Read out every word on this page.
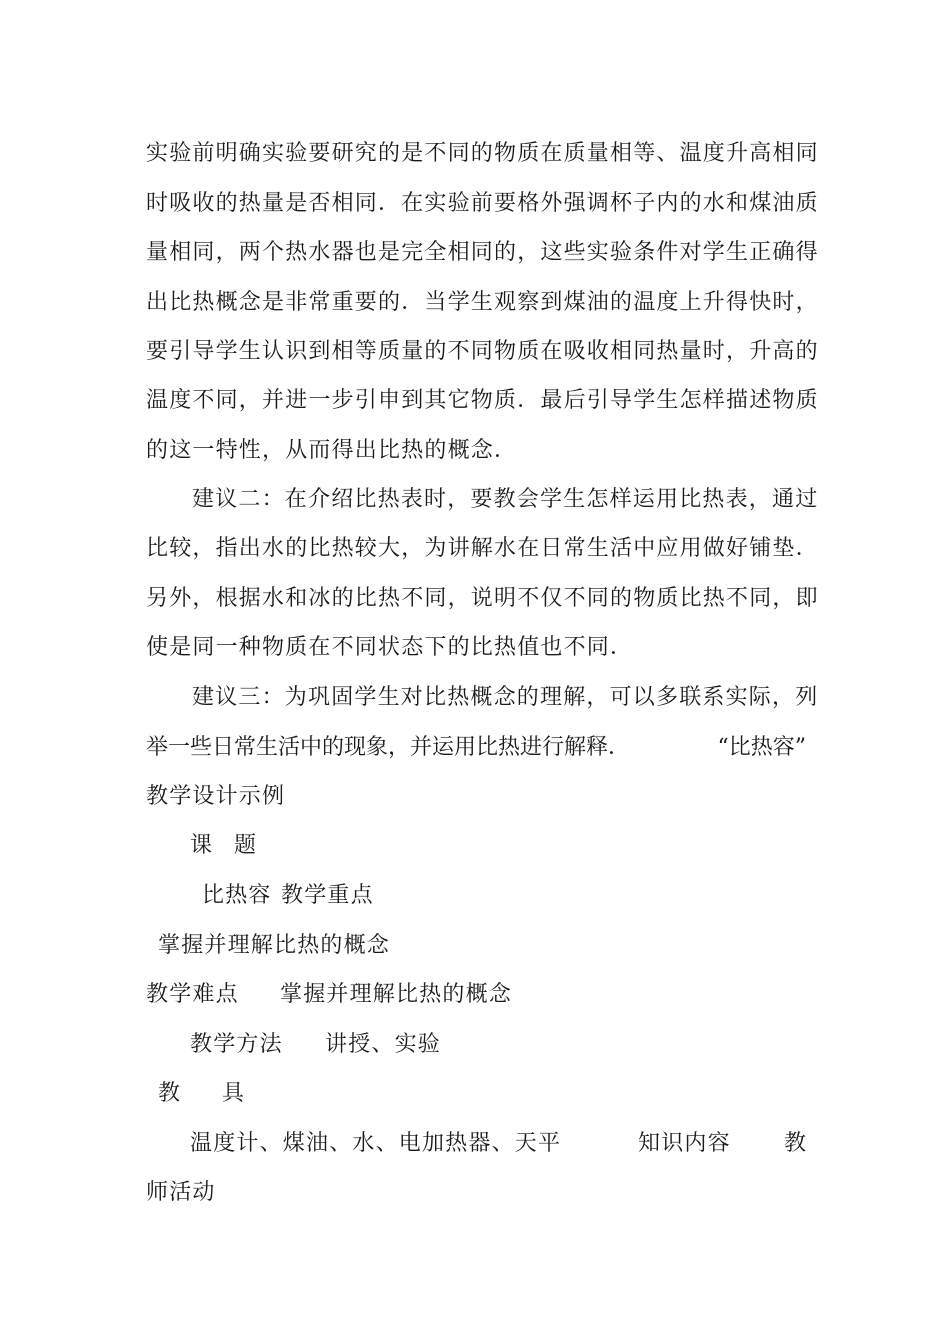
实验前明确实验要研究的是不同的物质在质量相等、温度升高相同
时吸收的热量是否相同．在实验前要格外强调杯子内的水和煤油质
量相同，两个热水器也是完全相同的，这些实验条件对学生正确得
出比热概念是非常重要的．当学生观察到煤油的温度上升得快时，
要引导学生认识到相等质量的不同物质在吸收相同热量时，升高的
温度不同，并进一步引申到其它物质．最后引导学生怎样描述物质
的这一特性，从而得出比热的概念．
建议二：在介绍比热表时，要教会学生怎样运用比热表，通过
比较，指出水的比热较大，为讲解水在日常生活中应用做好铺垫．
另外，根据水和冰的比热不同，说明不仅不同的物质比热不同，即
使是同一种物质在不同状态下的比热值也不同．
建议三：为巩固学生对比热概念的理解，可以多联系实际，列
举一些日常生活中的现象，并运用比热进行解释．	“比热容”
教学设计示例
课 题
比热容 教学重点
掌握并理解比热的概念
教学难点 掌握并理解比热的概念
教学方法 讲授、实验
教 具
温度计、煤油、水、电加热器、天平	知识内容 教
师活动
